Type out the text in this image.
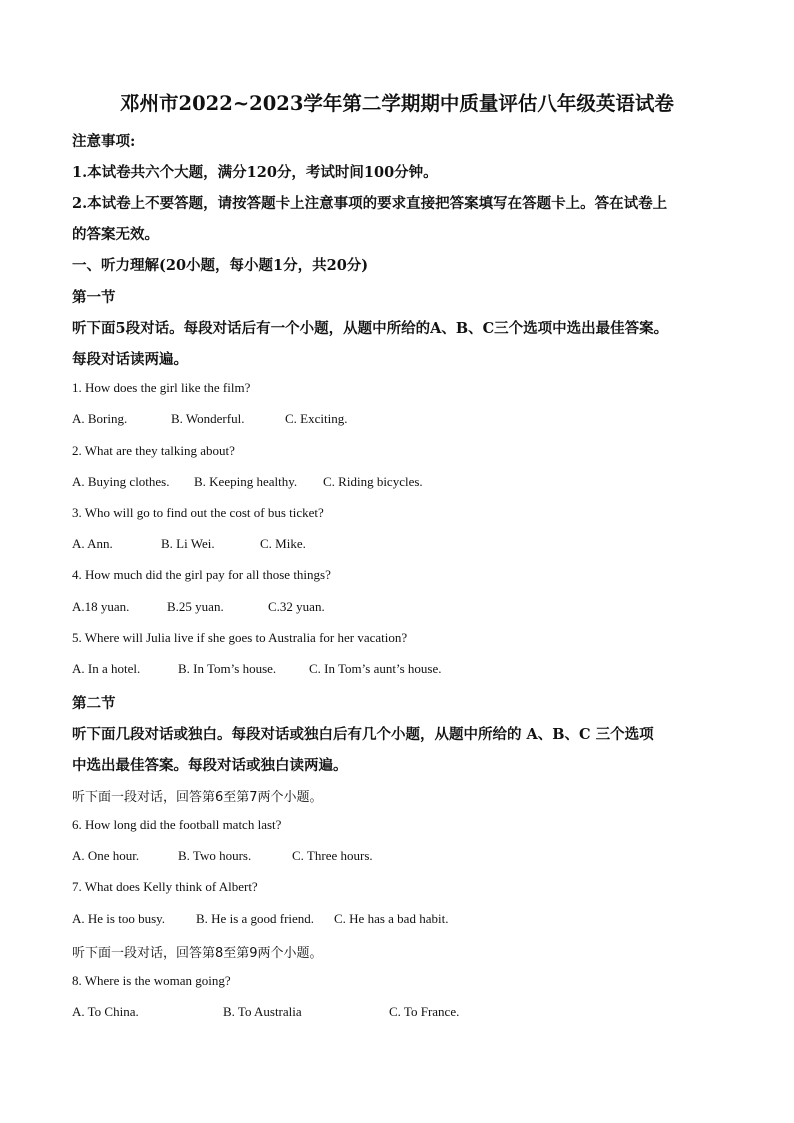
邓州市2022~2023学年第二学期期中质量评估八年级英语试卷
注意事项:
1.本试卷共六个大题，满分120分，考试时间100分钟。
2.本试卷上不要答题，请按答题卡上注意事项的要求直接把答案填写在答题卡上。答在试卷上
的答案无效。
一、听力理解(20小题，每小题1分，共20分)
第一节
听下面5段对话。每段对话后有一个小题，从题中所给的A、B、C三个选项中选出最佳答案。
每段对话读两遍。
1. How does the girl like the film?
A. Boring.	B. Wonderful.	C. Exciting.
2. What are they talking about?
A. Buying clothes. B. Keeping healthy. C. Riding bicycles.
3. Who will go to find out the cost of bus ticket?
A. Ann.	B. Li Wei.	C. Mike.
4. How much did the girl pay for all those things?
A.18 yuan.	B.25 yuan.	C.32 yuan.
5. Where will Julia live if she goes to Australia for her vacation?
A. In a hotel.	B. In Tom’s house.	C. In Tom’s aunt’s house.
第二节
听下面几段对话或独白。每段对话或独白后有几个小题，从题中所给的 A、B、C 三个选项
中选出最佳答案。每段对话或独白读两遍。
听下面一段对话，回答第6至第7两个小题。
6. How long did the football match last?
A. One hour.	B. Two hours.	C. Three hours.
7. What does Kelly think of Albert?
A. He is too busy. B. He is a good friend. C. He has a bad habit.
听下面一段对话，回答第8至第9两个小题。
8. Where is the woman going?
A. To China.	B. To Australia	C. To France.
